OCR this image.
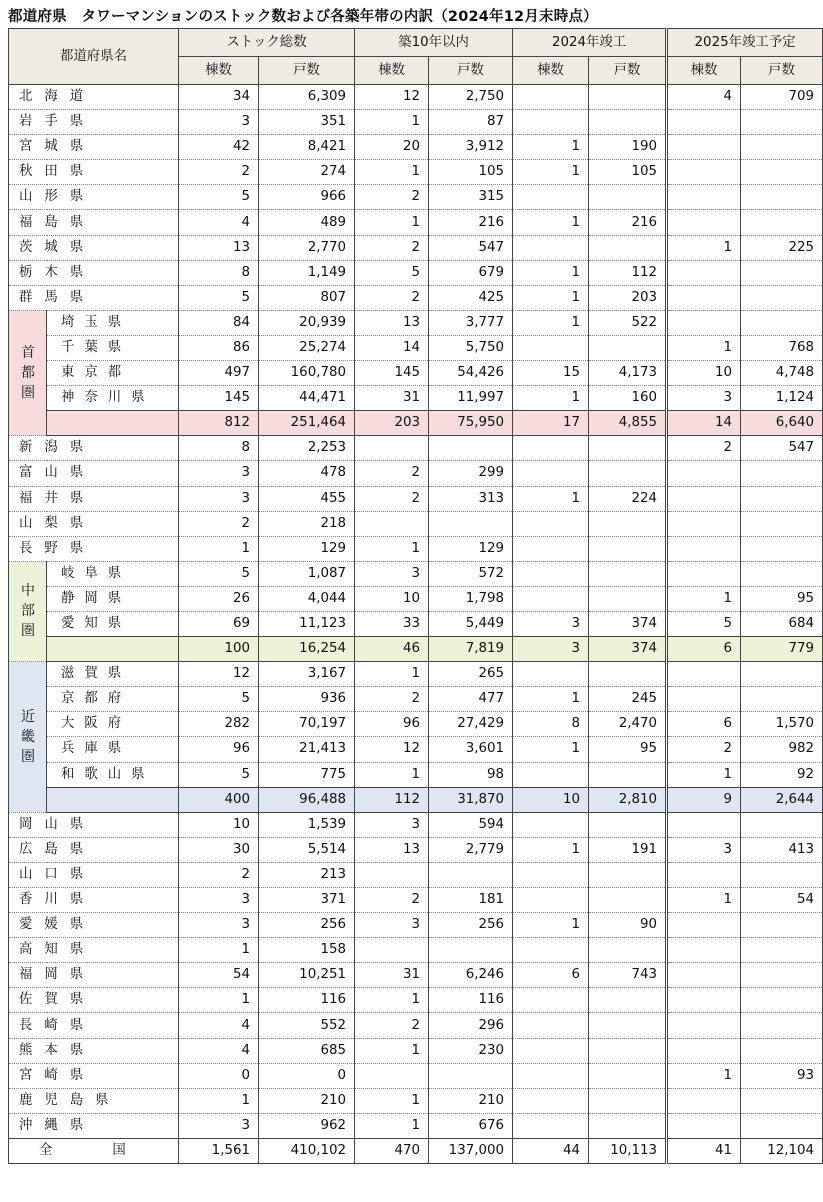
都道府県　タワーマンションのストック数および各築年帯の内訳（2024年12月末時点）
都道府県名		ストック総数		築10年以内		2024年竣工		2025年竣工予定	
		棟数	戸数	棟数	戸数	棟数	戸数	棟数	戸数
北海道		34	6,309	12	2,750			4	709
岩手県		3	351	1	87				
宮城県		42	8,421	20	3,912	1	190		
秋田県		2	274	1	105	1	105		
山形県		5	966	2	315				
福島県		4	489	1	216	1	216		
茨城県		13	2,770	2	547			1	225
栃木県		8	1,149	5	679	1	112		
群馬県		5	807	2	425	1	203		
首都圏	埼玉県	84	20,939	13	3,777	1	522		
	千葉県	86	25,274	14	5,750			1	768
	東京都	497	160,780	145	54,426	15	4,173	10	4,748
	神奈川県	145	44,471	31	11,997	1	160	3	1,124
		812	251,464	203	75,950	17	4,855	14	6,640
新潟県		8	2,253					2	547
富山県		3	478	2	299				
福井県		3	455	2	313	1	224		
山梨県		2	218						
長野県		1	129	1	129				
中部圏	岐阜県	5	1,087	3	572				
	静岡県	26	4,044	10	1,798			1	95
	愛知県	69	11,123	33	5,449	3	374	5	684
		100	16,254	46	7,819	3	374	6	779
近畿圏	滋賀県	12	3,167	1	265				
	京都府	5	936	2	477	1	245		
	大阪府	282	70,197	96	27,429	8	2,470	6	1,570
	兵庫県	96	21,413	12	3,601	1	95	2	982
	和歌山県	5	775	1	98			1	92
		400	96,488	112	31,870	10	2,810	9	2,644
岡山県		10	1,539	3	594				
広島県		30	5,514	13	2,779	1	191	3	413
山口県		2	213						
香川県		3	371	2	181			1	54
愛媛県		3	256	3	256	1	90		
高知県		1	158						
福岡県		54	10,251	31	6,246	6	743		
佐賀県		1	116	1	116				
長崎県		4	552	2	296				
熊本県		4	685	1	230				
宮崎県		0	0					1	93
鹿児島県		1	210	1	210				
沖縄県		3	962	1	676				
全国		1,561	410,102	470	137,000	44	10,113	41	12,104
